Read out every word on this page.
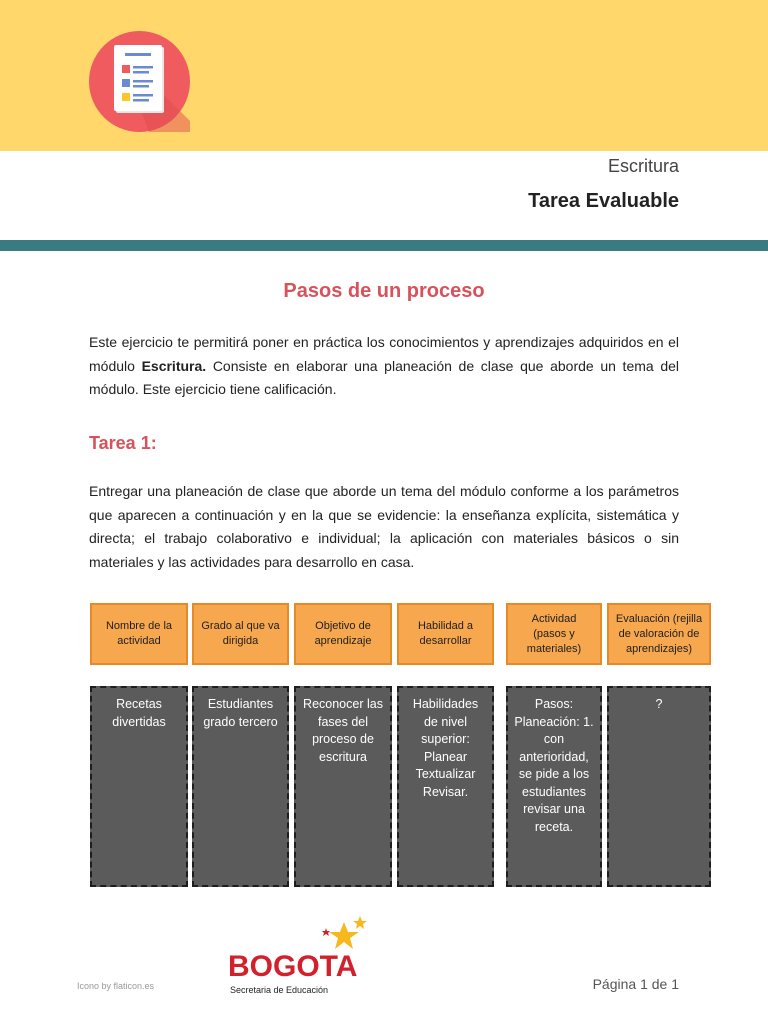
Escritura
Tarea Evaluable
Pasos de un proceso

Este ejercicio te permitirá poner en práctica los conocimientos y aprendizajes adquiridos en el módulo Escritura. Consiste en elaborar una planeación de clase que aborde un tema del módulo. Este ejercicio tiene calificación.

Tarea 1:

Entregar una planeación de clase que aborde un tema del módulo conforme a los parámetros que aparecen a continuación y en la que se evidencie: la enseñanza explícita, sistemática y directa; el trabajo colaborativo e individual; la aplicación con materiales básicos o sin materiales y las actividades para desarrollo en casa.

Nombre de la actividad
Grado al que va dirigida
Objetivo de aprendizaje
Habilidad a desarrollar
Actividad (pasos y materiales)
Evaluación (rejilla de valoración de aprendizajes)
Recetas divertidas
Estudiantes grado tercero
Reconocer las fases del proceso de escritura
Habilidades de nivel superior: Planear Textualizar Revisar.
Pasos: Planeación: 1. con anterioridad, se pide a los estudiantes revisar una receta.
?
Icono by flaticon.es
BOGOTA
Secretaria de Educación	Página 1 de 1
